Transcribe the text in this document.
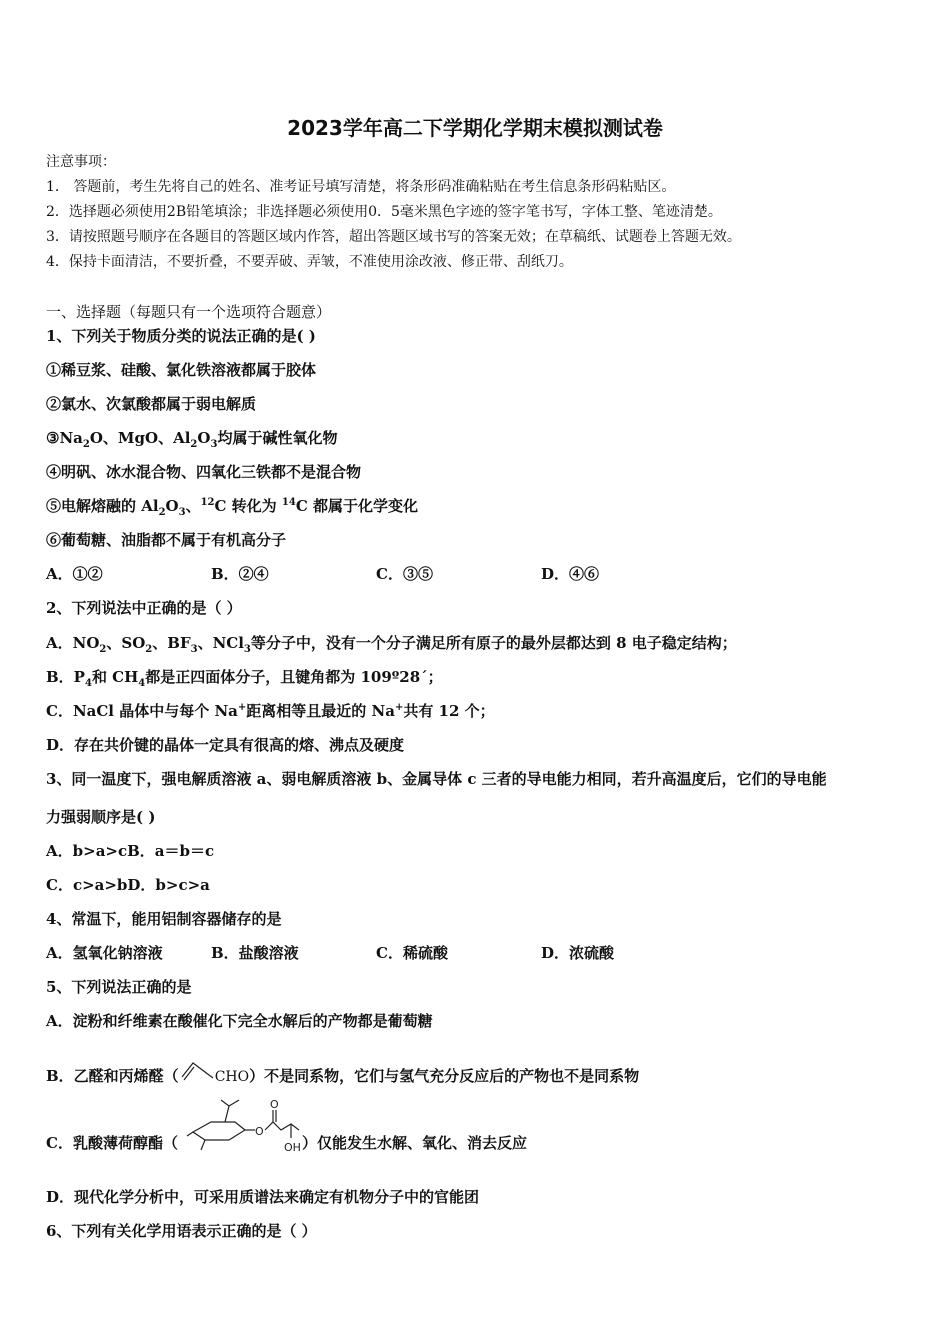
2023学年高二下学期化学期末模拟测试卷
注意事项：
1． 答题前，考生先将自己的姓名、准考证号填写清楚，将条形码准确粘贴在考生信息条形码粘贴区。
2．选择题必须使用2B铅笔填涂；非选择题必须使用0．5毫米黑色字迹的签字笔书写，字体工整、笔迹清楚。
3．请按照题号顺序在各题目的答题区域内作答，超出答题区域书写的答案无效；在草稿纸、试题卷上答题无效。
4．保持卡面清洁，不要折叠，不要弄破、弄皱，不准使用涂改液、修正带、刮纸刀。
一、选择题（每题只有一个选项符合题意）
1、下列关于物质分类的说法正确的是( )
①稀豆浆、硅酸、氯化铁溶液都属于胶体
②氯水、次氯酸都属于弱电解质
$③Na_2O$、MgO、$Al_2O_3$均属于碱性氧化物
④明矾、冰水混合物、四氧化三铁都不是混合物
⑤电解熔融的 $Al_2O_3$、$^{12}$C 转化为 $^{14}$C 都属于化学变化
⑥葡萄糖、油脂都不属于有机高分子
A．①②	B．②④	C．③⑤	D．④⑥
2、下列说法中正确的是（ ）
A．$NO_2$、$SO_2$、$BF_3$、NCl$_3$等分子中，没有一个分子满足所有原子的最外层都达到 8 电子稳定结构；
B．$P_4$和 $CH_4$都是正四面体分子，且键角都为 109º28´；
C．NaCl 晶体中与每个 Na+距离相等且最近的 Na+共有 12 个；
D．存在共价键的晶体一定具有很高的熔、沸点及硬度
3、同一温度下，强电解质溶液 a、弱电解质溶液 b、金属导体 c 三者的导电能力相同，若升高温度后，它们的导电能
力强弱顺序是( )
A．b>a>cB．a＝b＝c
C．c>a>bD．b>c>a
4、常温下，能用铝制容器储存的是
A．氢氧化钠溶液	B．盐酸溶液	C．稀硫酸	D．浓硫酸
5、下列说法正确的是
A．淀粉和纤维素在酸催化下完全水解后的产物都是葡萄糖
B．乙醛和丙烯醛（	CHO）不是同系物，它们与氢气充分反应后的产物也不是同系物
C．乳酸薄荷醇酯（	）仅能发生水解、氧化、消去反应
O
O
OH
D．现代化学分析中，可采用质谱法来确定有机物分子中的官能团
6、下列有关化学用语表示正确的是（ ）
